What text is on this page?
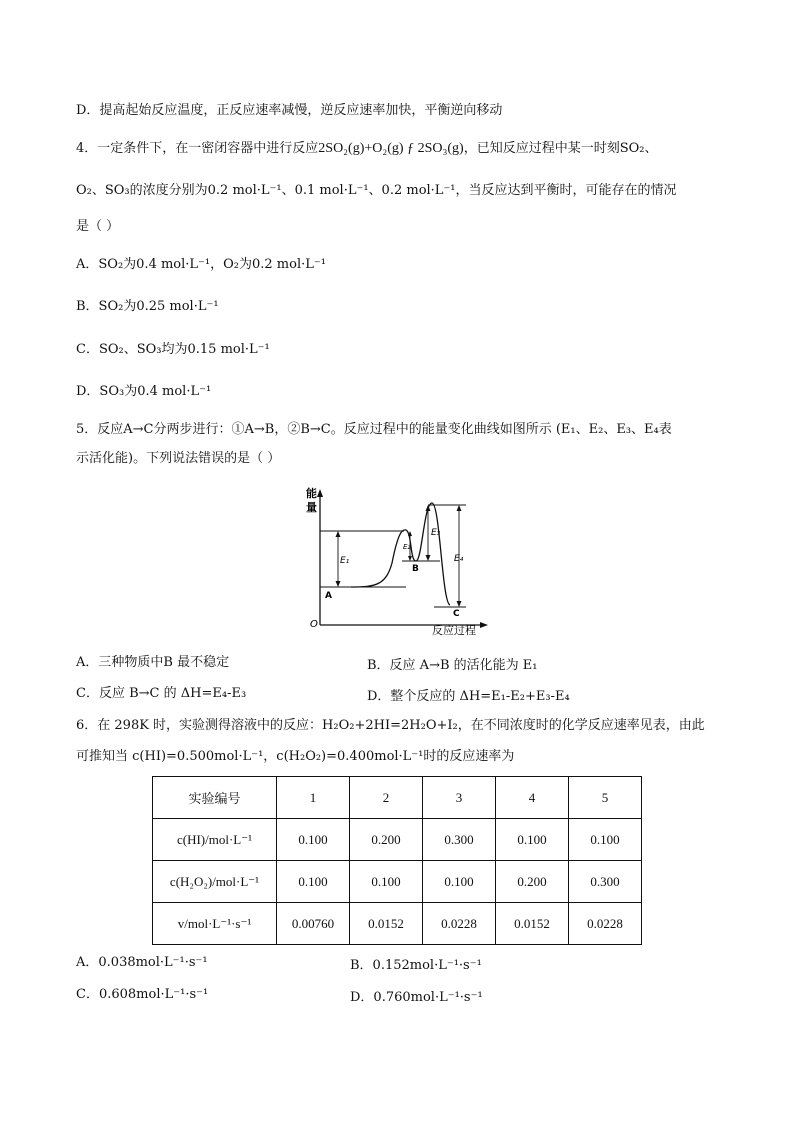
D．提高起始反应温度，正反应速率减慢，逆反应速率加快，平衡逆向移动
4．一定条件下，在一密闭容器中进行反应2SO₂(g)+O₂(g) ƒ 2SO₃(g)，已知反应过程中某一时刻SO₂、
O₂、SO₃的浓度分别为0.2 mol·L⁻¹、0.1 mol·L⁻¹、0.2 mol·L⁻¹，当反应达到平衡时，可能存在的情况
是（ ）
A．SO₂为0.4 mol·L⁻¹，O₂为0.2 mol·L⁻¹
B．SO₂为0.25 mol·L⁻¹
C．SO₂、SO₃均为0.15 mol·L⁻¹
D．SO₃为0.4 mol·L⁻¹
5．反应A→C分两步进行：①A→B，②B→C。反应过程中的能量变化曲线如图所示 (E₁、E₂、E₃、E₄表
示活化能)。下列说法错误的是（ ）
能
量
O	反应过程
E₁
E₂
E₃
E₄
A
B
C
A．三种物质中B 最不稳定	B．反应 A→B 的活化能为 E₁
C．反应 B→C 的 ΔH=E₄-E₃	D．整个反应的 ΔH=E₁-E₂+E₃-E₄
6．在 298K 时，实验测得溶液中的反应：H₂O₂+2HI=2H₂O+I₂，在不同浓度时的化学反应速率见表，由此
可推知当 c(HI)=0.500mol·L⁻¹，c(H₂O₂)=0.400mol·L⁻¹时的反应速率为
实验编号	1	2	3	4	5
c(HI)/mol·L⁻¹	0.100	0.200	0.300	0.100	0.100
c(H₂O₂)/mol·L⁻¹	0.100	0.100	0.100	0.200	0.300
v/mol·L⁻¹·s⁻¹	0.00760	0.0152	0.0228	0.0152	0.0228
A．0.038mol·L⁻¹·s⁻¹	B．0.152mol·L⁻¹·s⁻¹
C．0.608mol·L⁻¹·s⁻¹	D．0.760mol·L⁻¹·s⁻¹
